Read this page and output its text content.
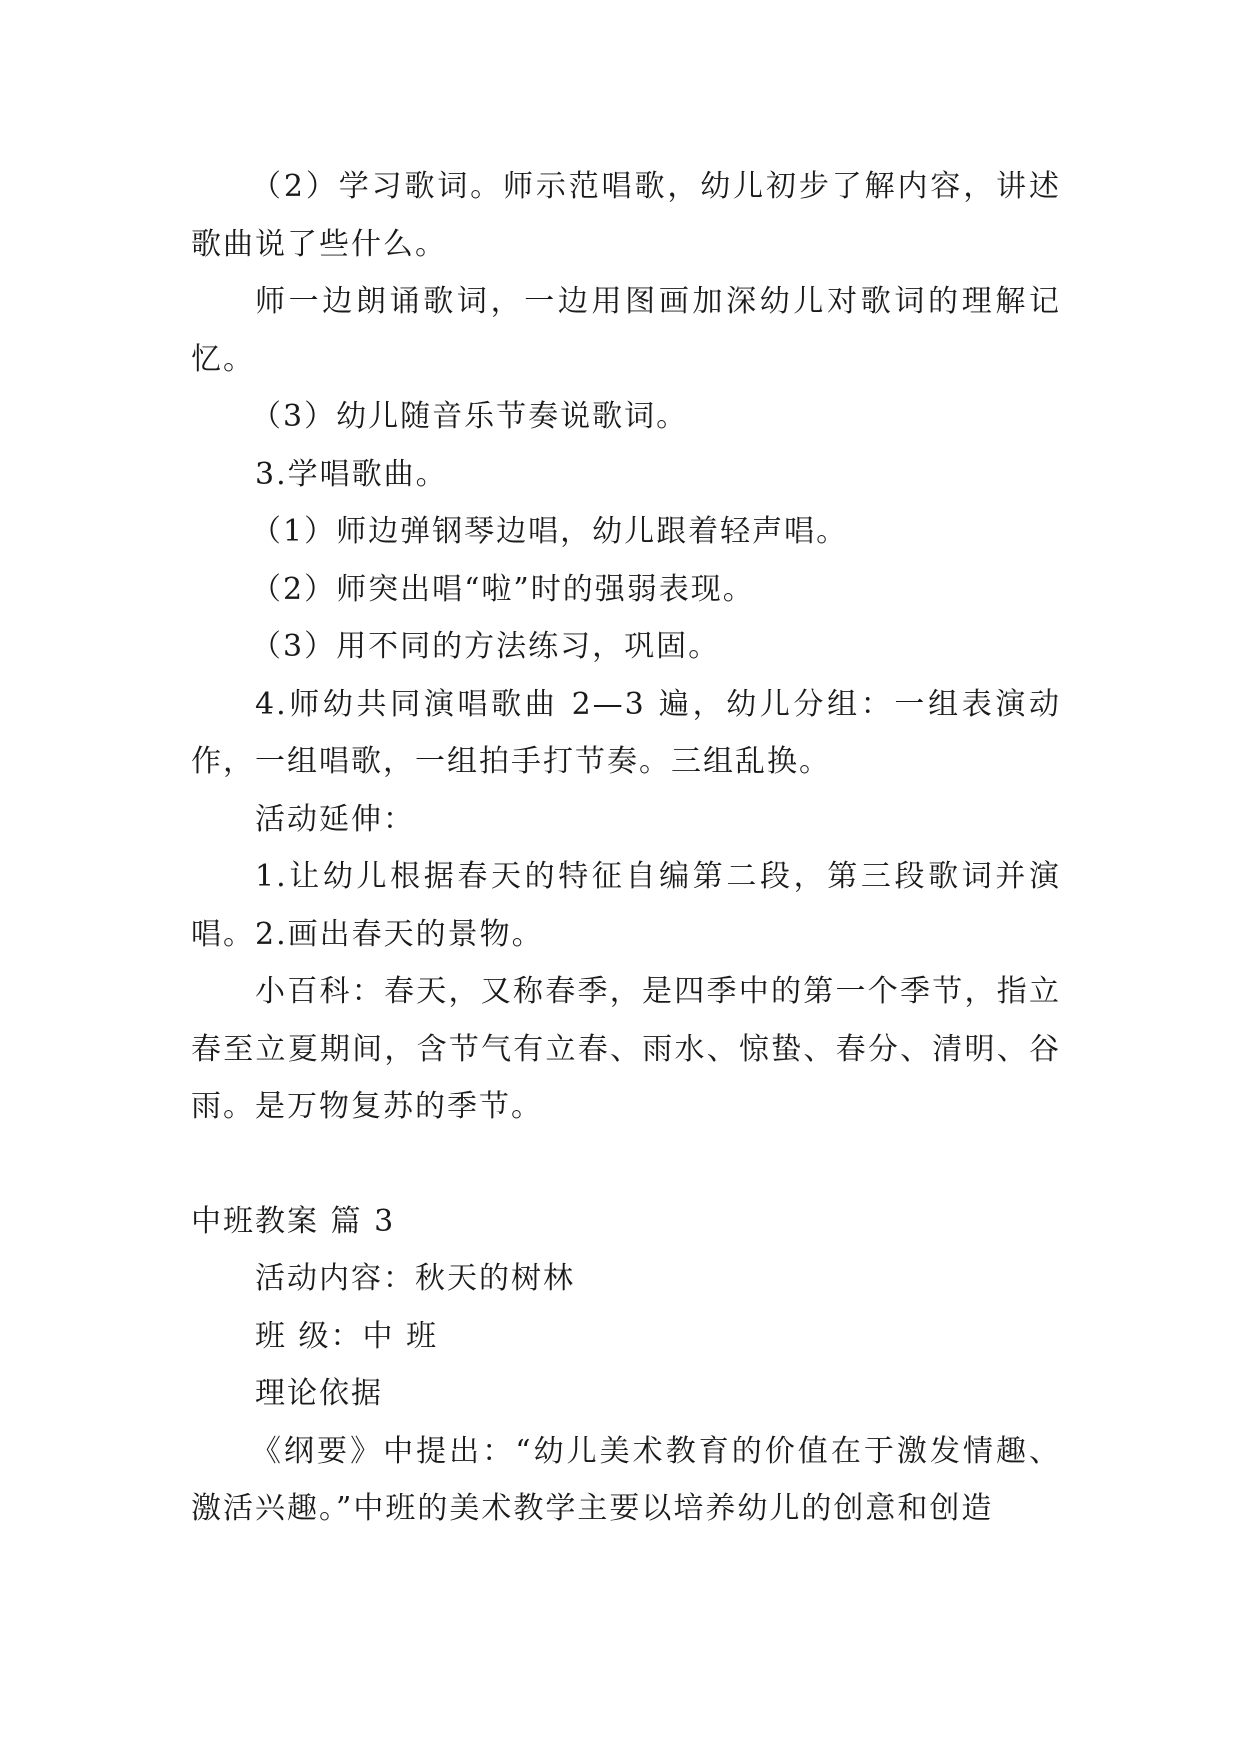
（2）学习歌词。师示范唱歌，幼儿初步了解内容，讲述歌曲说了些什么。

师一边朗诵歌词，一边用图画加深幼儿对歌词的理解记忆。

（3）幼儿随音乐节奏说歌词。

3.学唱歌曲。

（1）师边弹钢琴边唱，幼儿跟着轻声唱。

（2）师突出唱“啦”时的强弱表现。

（3）用不同的方法练习，巩固。

4.师幼共同演唱歌曲 2—3 遍，幼儿分组：一组表演动作，一组唱歌，一组拍手打节奏。三组乱换。

活动延伸：

1.让幼儿根据春天的特征自编第二段，第三段歌词并演唱。2.画出春天的景物。

小百科：春天，又称春季，是四季中的第一个季节，指立春至立夏期间，含节气有立春、雨水、惊蛰、春分、清明、谷雨。是万物复苏的季节。

中班教案 篇 3

活动内容：秋天的树林

班 级：中 班

理论依据

《纲要》中提出：“幼儿美术教育的价值在于激发情趣、激活兴趣。”中班的美术教学主要以培养幼儿的创意和创造
